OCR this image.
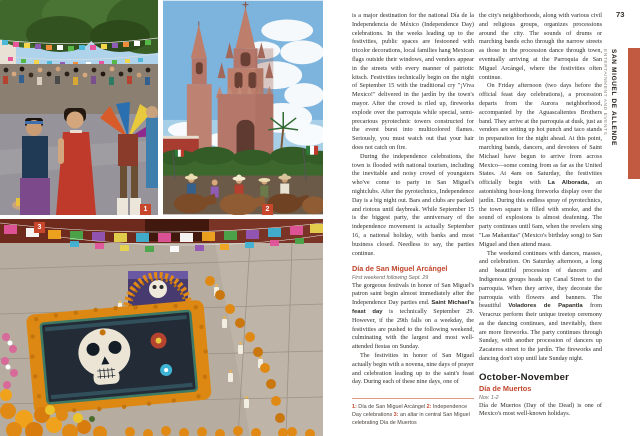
1	2
3

is a major destination for the national Día de la Independencia de México (Independence Day) celebrations. In the weeks leading up to the festivities, public spaces are festooned with tricolor decorations, local families hang Mexican flags outside their windows, and vendors appear in the streets with every manner of patriotic kitsch. Festivities technically begin on the night of September 15 with the traditional cry "¡Viva Mexico!" delivered in the jardín by the town's mayor. After the crowd is riled up, fireworks explode over the parroquia while special, semi-precarious pyrotechnic towers constructed for the event burst into multicolored flames. Seriously, you must watch out that your hair does not catch on fire.

During the independence celebrations, the town is flooded with national tourism, including the inevitable and noisy crowd of youngsters who've come to party in San Miguel's nightclubs. After the pyrotechnics, Independence Day is a big night out. Bars and clubs are packed and riotous until daybreak. While September 15 is the biggest party, the anniversary of the independence movement is actually September 16, a national holiday, with banks and most business closed. Needless to say, the parties continue.

Día de San Miguel Arcángel

First weekend following Sept. 29

The gorgeous festivals in honor of San Miguel's patron saint begin almost immediately after the Independence Day parties end. Saint Michael's feast day is technically September 29. However, if the 29th falls on a weekday, the festivities are pushed to the following weekend, culminating with the largest and most well-attended fiestas on Sunday.

The festivities in honor of San Miguel actually begin with a novena, nine days of prayer and celebration leading up to the saint's feast day. During each of these nine days, one of

the city's neighborhoods, along with various civil and religious groups, organizes processions around the city. The sounds of drums or marching bands echo through the narrow streets as those in the procession dance through town, eventually arriving at the Parroquia de San Miguel Arcángel, where the festivities often continue.

On Friday afternoon (two days before the official feast day celebrations), a procession departs from the Aurora neighborhood, accompanied by the Aguascalientes Brothers band. They arrive at the parroquia at dusk, just as vendors are setting up hot punch and taco stands in preparation for the night ahead. At this point, marching bands, dancers, and devotees of Saint Michael have begun to arrive from across Mexico—some coming from as far as the United States. At 4am on Saturday, the festivities officially begin with La Alborada, an astonishing hour-long fireworks display over the jardín. During this endless spray of pyrotechnics, the town square is filled with smoke, and the sound of explosions is almost deafening. The party continues until 6am, when the revelers sing "Las Mañanitas" (Mexico's birthday song) to San Miguel and then attend mass.

The weekend continues with dances, masses, and celebration. On Saturday afternoon, a long and beautiful procession of dancers and Indigenous groups heads up Canal Street to the parroquia. When they arrive, they decorate the parroquia with flowers and banners. The beautiful Voladores de Papantla from Veracruz perform their unique treetop ceremony as the dancing continues, and inevitably, there are more fireworks. The party continues through Sunday, with another procession of dancers up Zacateros street to the jardín. The fireworks and dancing don't stop until late Sunday night.

October-November
Día de Muertos

Nov. 1-2

Día de Muertos (Day of the Dead) is one of Mexico's most well-known holidays.

1: Día de San Miguel Arcángel 2: Independence Day celebrations 3: an altar in central San Miguel celebrating Día de Muertos
73
SAN MIGUEL DE ALLENDE
ENTERTAINMENT AND EVENTS
